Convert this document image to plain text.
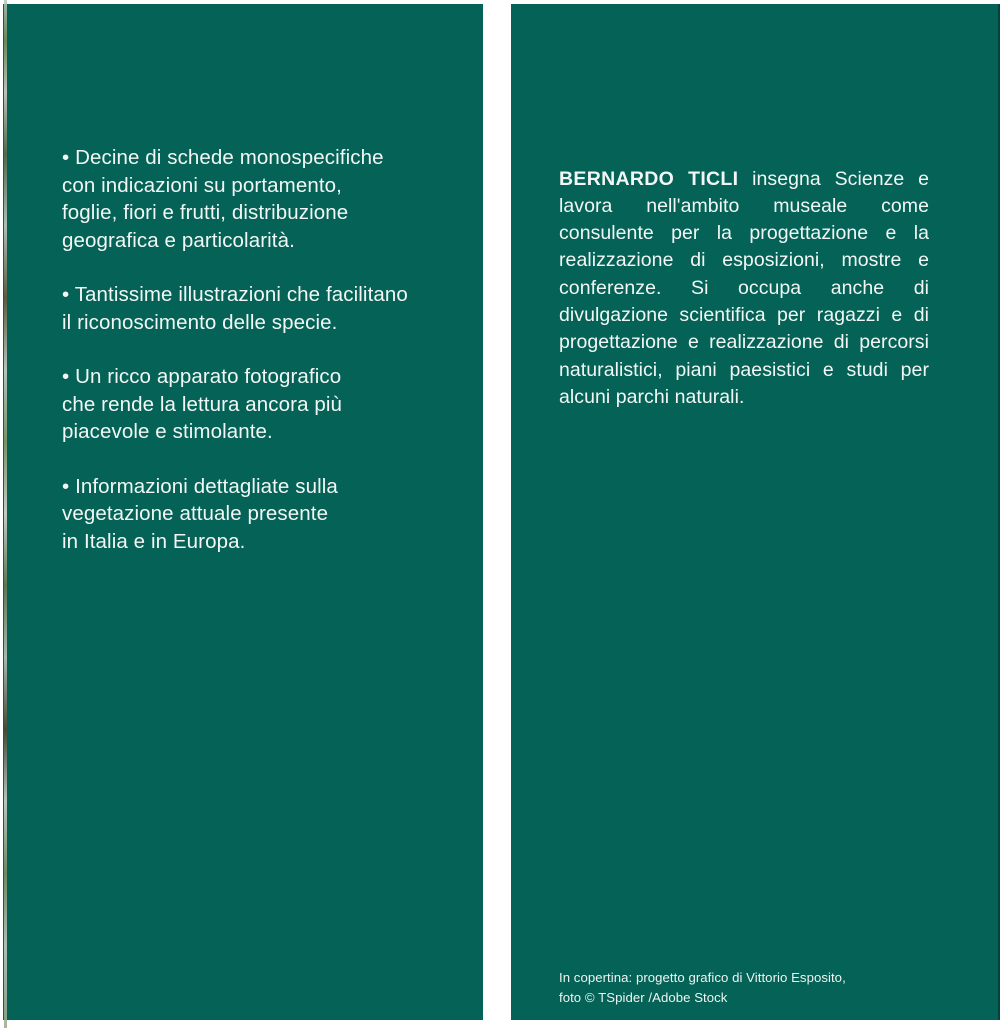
• Decine di schede monospecifiche
con indicazioni su portamento,
foglie, fiori e frutti, distribuzione
geografica e particolarità.

• Tantissime illustrazioni che facilitano
il riconoscimento delle specie.

• Un ricco apparato fotografico
che rende la lettura ancora più
piacevole e stimolante.

• Informazioni dettagliate sulla
vegetazione attuale presente
in Italia e in Europa.

BERNARDO TICLI insegna Scienze e lavora nell'ambito museale come consulente per la progettazione e la realizzazione di esposizioni, mostre e conferenze. Si occupa anche di divulgazione scientifica per ragazzi e di progettazione e realizzazione di percorsi naturalistici, piani paesistici e studi per alcuni parchi naturali.

In copertina: progetto grafico di Vittorio Esposito,
foto © TSpider /Adobe Stock
